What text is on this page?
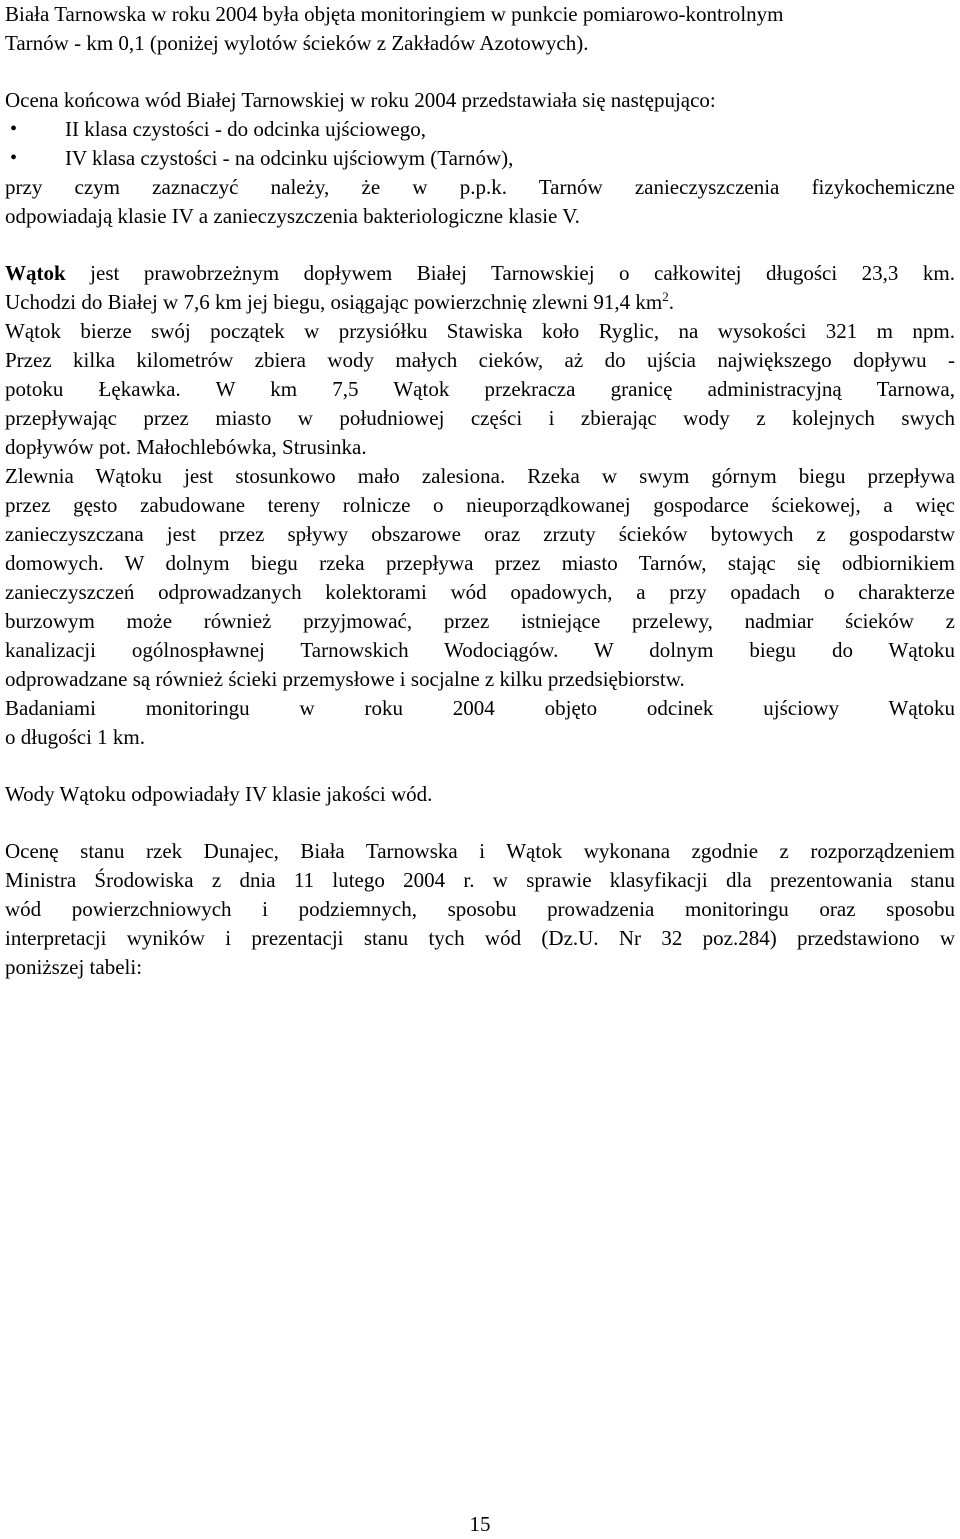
Biała Tarnowska w roku 2004 była objęta monitoringiem w punkcie pomiarowo-kontrolnym
Tarnów - km 0,1 (poniżej wylotów ścieków z Zakładów Azotowych).
Ocena końcowa wód Białej Tarnowskiej w roku 2004 przedstawiała się następująco:
• II klasa czystości - do odcinka ujściowego,
• IV klasa czystości - na odcinku ujściowym (Tarnów),
przy czym zaznaczyć należy, że w p.p.k. Tarnów zanieczyszczenia fizykochemiczne
odpowiadają klasie IV a zanieczyszczenia bakteriologiczne klasie V.
Wątok jest prawobrzeżnym dopływem Białej Tarnowskiej o całkowitej długości 23,3 km.
Uchodzi do Białej w 7,6 km jej biegu, osiągając powierzchnię zlewni 91,4 $km^2$.
Wątok bierze swój początek w przysiółku Stawiska koło Ryglic, na wysokości 321 m npm.
Przez kilka kilometrów zbiera wody małych cieków, aż do ujścia największego dopływu -
potoku Łękawka. W km 7,5 Wątok przekracza granicę administracyjną Tarnowa,
przepływając przez miasto w południowej części i zbierając wody z kolejnych swych
dopływów pot. Małochlebówka, Strusinka.
Zlewnia Wątoku jest stosunkowo mało zalesiona. Rzeka w swym górnym biegu przepływa
przez gęsto zabudowane tereny rolnicze o nieuporządkowanej gospodarce ściekowej, a więc
zanieczyszczana jest przez spływy obszarowe oraz zrzuty ścieków bytowych z gospodarstw
domowych. W dolnym biegu rzeka przepływa przez miasto Tarnów, stając się odbiornikiem
zanieczyszczeń odprowadzanych kolektorami wód opadowych, a przy opadach o charakterze
burzowym może również przyjmować, przez istniejące przelewy, nadmiar ścieków z
kanalizacji ogólnospławnej Tarnowskich Wodociągów. W dolnym biegu do Wątoku
odprowadzane są również ścieki przemysłowe i socjalne z kilku przedsiębiorstw.
Badaniami monitoringu w roku 2004 objęto odcinek ujściowy Wątoku
o długości 1 km.
Wody Wątoku odpowiadały IV klasie jakości wód.
Ocenę stanu rzek Dunajec, Biała Tarnowska i Wątok wykonana zgodnie z rozporządzeniem
Ministra Środowiska z dnia 11 lutego 2004 r. w sprawie klasyfikacji dla prezentowania stanu
wód powierzchniowych i podziemnych, sposobu prowadzenia monitoringu oraz sposobu
interpretacji wyników i prezentacji stanu tych wód (Dz.U. Nr 32 poz.284) przedstawiono w
poniższej tabeli:
15
